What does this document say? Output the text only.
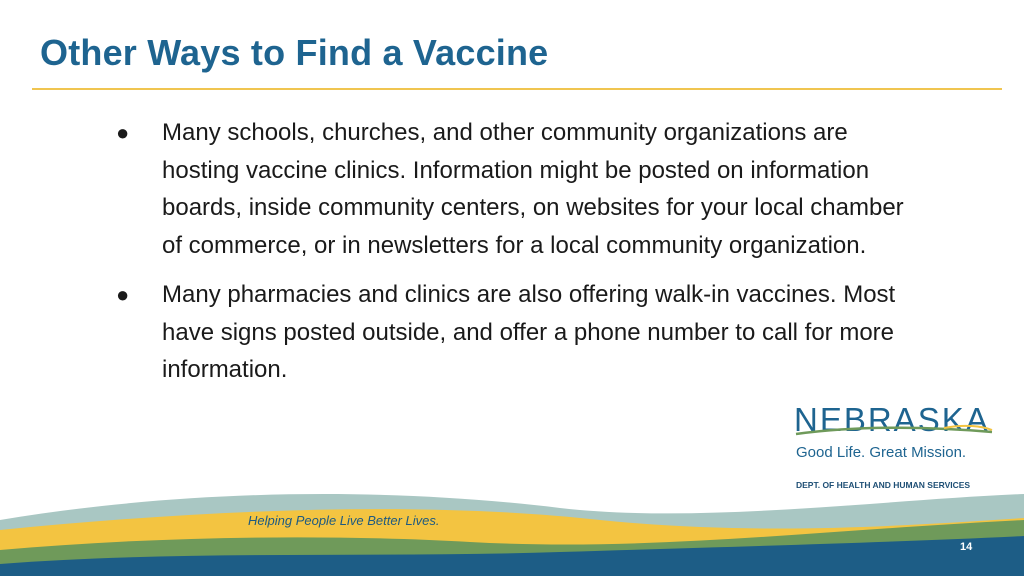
Other Ways to Find a Vaccine
● Many schools, churches, and other community organizations are hosting vaccine clinics. Information might be posted on information boards, inside community centers, on websites for your local chamber of commerce, or in newsletters for a local community organization.
● Many pharmacies and clinics are also offering walk-in vaccines. Most have signs posted outside, and offer a phone number to call for more information.
NEBRASKA
Good Life. Great Mission.
DEPT. OF HEALTH AND HUMAN SERVICES
Helping People Live Better Lives.
14
